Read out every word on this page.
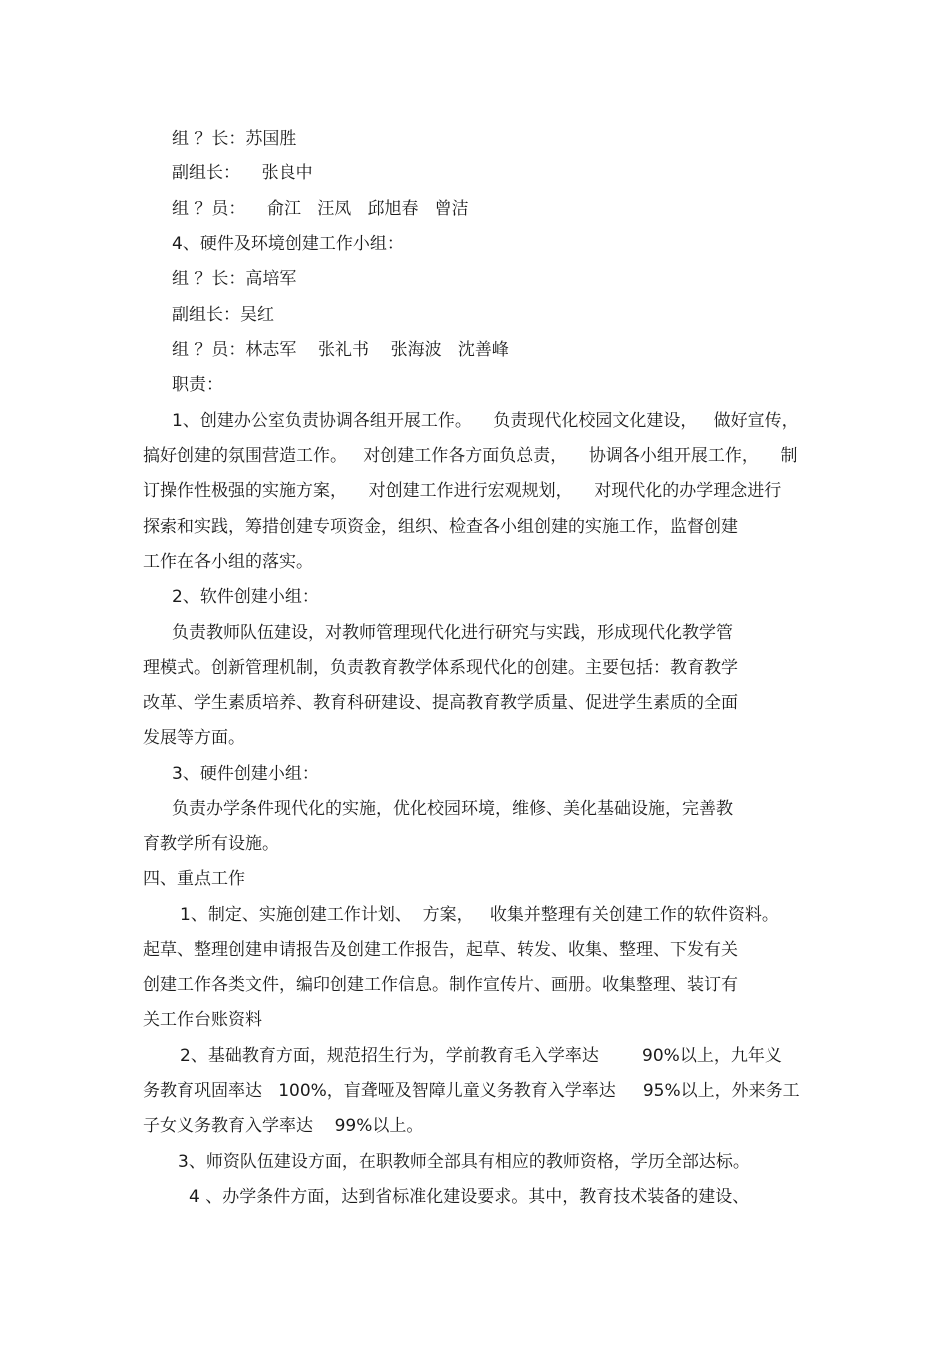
组 ？长：苏国胜

副组长：    张良中

组 ？员：    俞江   汪凤   邱旭春   曾洁

4、硬件及环境创建工作小组：

组 ？长：高培军

副组长：吴红

组 ？员：林志军    张礼书    张海波   沈善峰

职责：

1、创建办公室负责协调各组开展工作。    负责现代化校园文化建设，   做好宣传，

搞好创建的氛围营造工作。   对创建工作各方面负总责，    协调各小组开展工作，    制

订操作性极强的实施方案，    对创建工作进行宏观规划，    对现代化的办学理念进行

探索和实践，筹措创建专项资金，组织、检查各小组创建的实施工作，监督创建

工作在各小组的落实。

2、软件创建小组：

负责教师队伍建设，对教师管理现代化进行研究与实践，形成现代化教学管

理模式。创新管理机制，负责教育教学体系现代化的创建。主要包括：教育教学

改革、学生素质培养、教育科研建设、提高教育教学质量、促进学生素质的全面

发展等方面。

3、硬件创建小组：

负责办学条件现代化的实施，优化校园环境，维修、美化基础设施，完善教

育教学所有设施。

四、重点工作

1、制定、实施创建工作计划、  方案，   收集并整理有关创建工作的软件资料。

起草、整理创建申请报告及创建工作报告，起草、转发、收集、整理、下发有关

创建工作各类文件，编印创建工作信息。制作宣传片、画册。收集整理、装订有

关工作台账资料

2、基础教育方面，规范招生行为，学前教育毛入学率达        90%以上，九年义

务教育巩固率达   100%，盲聋哑及智障儿童义务教育入学率达     95%以上，外来务工

子女义务教育入学率达    99%以上。

3、师资队伍建设方面，在职教师全部具有相应的教师资格，学历全部达标。

4 、办学条件方面，达到省标准化建设要求。其中，教育技术装备的建设、
